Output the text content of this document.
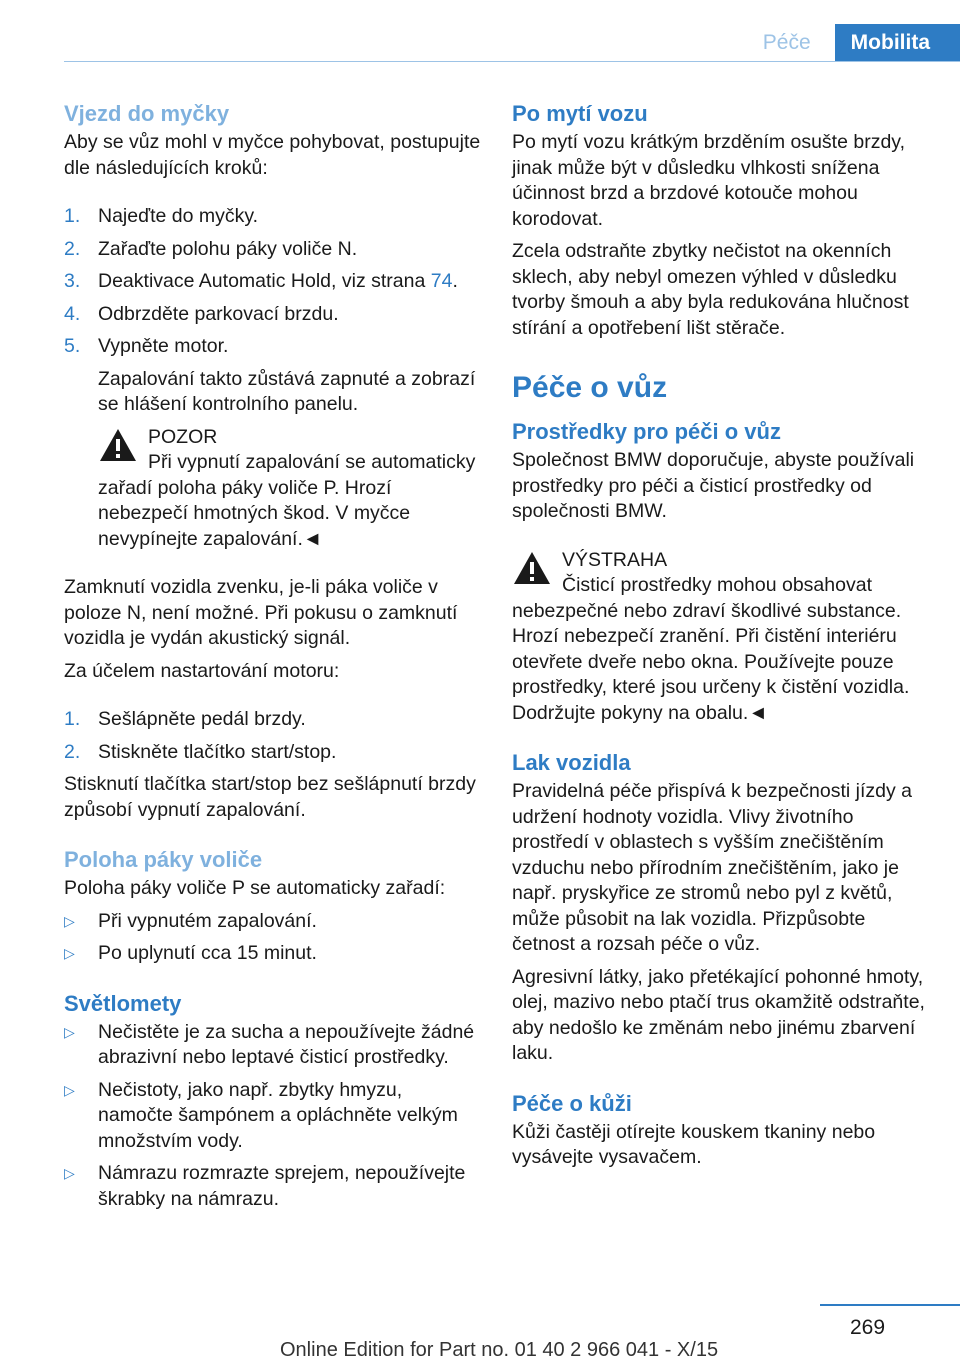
Péče	Mobilita
Vjezd do myčky

Aby se vůz mohl v myčce pohybovat, postupujte dle následujících kroků:

1. Najeďte do myčky.
2. Zařaďte polohu páky voliče N.
3. Deaktivace Automatic Hold, viz strana 74.
4. Odbrzděte parkovací brzdu.
5. Vypněte motor.
Zapalování takto zůstává zapnuté a zobrazí se hlášení kontrolního panelu.
POZOR
Při vypnutí zapalování se automaticky zařadí poloha páky voliče P. Hrozí nebezpečí hmotných škod. V myčce nevypínejte zapalování.◄

Zamknutí vozidla zvenku, je-li páka voliče v poloze N, není možné. Při pokusu o zamknutí vozidla je vydán akustický signál.

Za účelem nastartování motoru:

1. Sešlápněte pedál brzdy.
2. Stiskněte tlačítko start/stop.

Stisknutí tlačítka start/stop bez sešlápnutí brzdy způsobí vypnutí zapalování.

Poloha páky voliče

Poloha páky voliče P se automaticky zařadí:

▷ Při vypnutém zapalování.
▷ Po uplynutí cca 15 minut.
Světlomety
▷ Nečistěte je za sucha a nepoužívejte žádné abrazivní nebo leptavé čisticí prostředky.
▷ Nečistoty, jako např. zbytky hmyzu, namočte šampónem a opláchněte velkým množstvím vody.
▷ Námrazu rozmrazte sprejem, nepoužívejte škrabky na námrazu.
Po mytí vozu

Po mytí vozu krátkým brzděním osušte brzdy, jinak může být v důsledku vlhkosti snížena účinnost brzd a brzdové kotouče mohou korodovat.

Zcela odstraňte zbytky nečistot na okenních sklech, aby nebyl omezen výhled v důsledku tvorby šmouh a aby byla redukována hlučnost stírání a opotřebení lišt stěrače.

Péče o vůz
Prostředky pro péči o vůz

Společnost BMW doporučuje, abyste používali prostředky pro péči a čisticí prostředky od společnosti BMW.

VÝSTRAHA
Čisticí prostředky mohou obsahovat nebezpečné nebo zdraví škodlivé substance. Hrozí nebezpečí zranění. Při čistění interiéru otevřete dveře nebo okna. Používejte pouze prostředky, které jsou určeny k čistění vozidla. Dodržujte pokyny na obalu.◄
Lak vozidla

Pravidelná péče přispívá k bezpečnosti jízdy a udržení hodnoty vozidla. Vlivy životního prostředí v oblastech s vyšším znečištěním vzduchu nebo přírodním znečištěním, jako je např. pryskyřice ze stromů nebo pyl z květů, může působit na lak vozidla. Přizpůsobte četnost a rozsah péče o vůz.

Agresivní látky, jako přetékající pohonné hmoty, olej, mazivo nebo ptačí trus okamžitě odstraňte, aby nedošlo ke změnám nebo jinému zbarvení laku.

Péče o kůži

Kůži častěji otírejte kouskem tkaniny nebo vysávejte vysavačem.

269
Online Edition for Part no. 01 40 2 966 041 - X/15
